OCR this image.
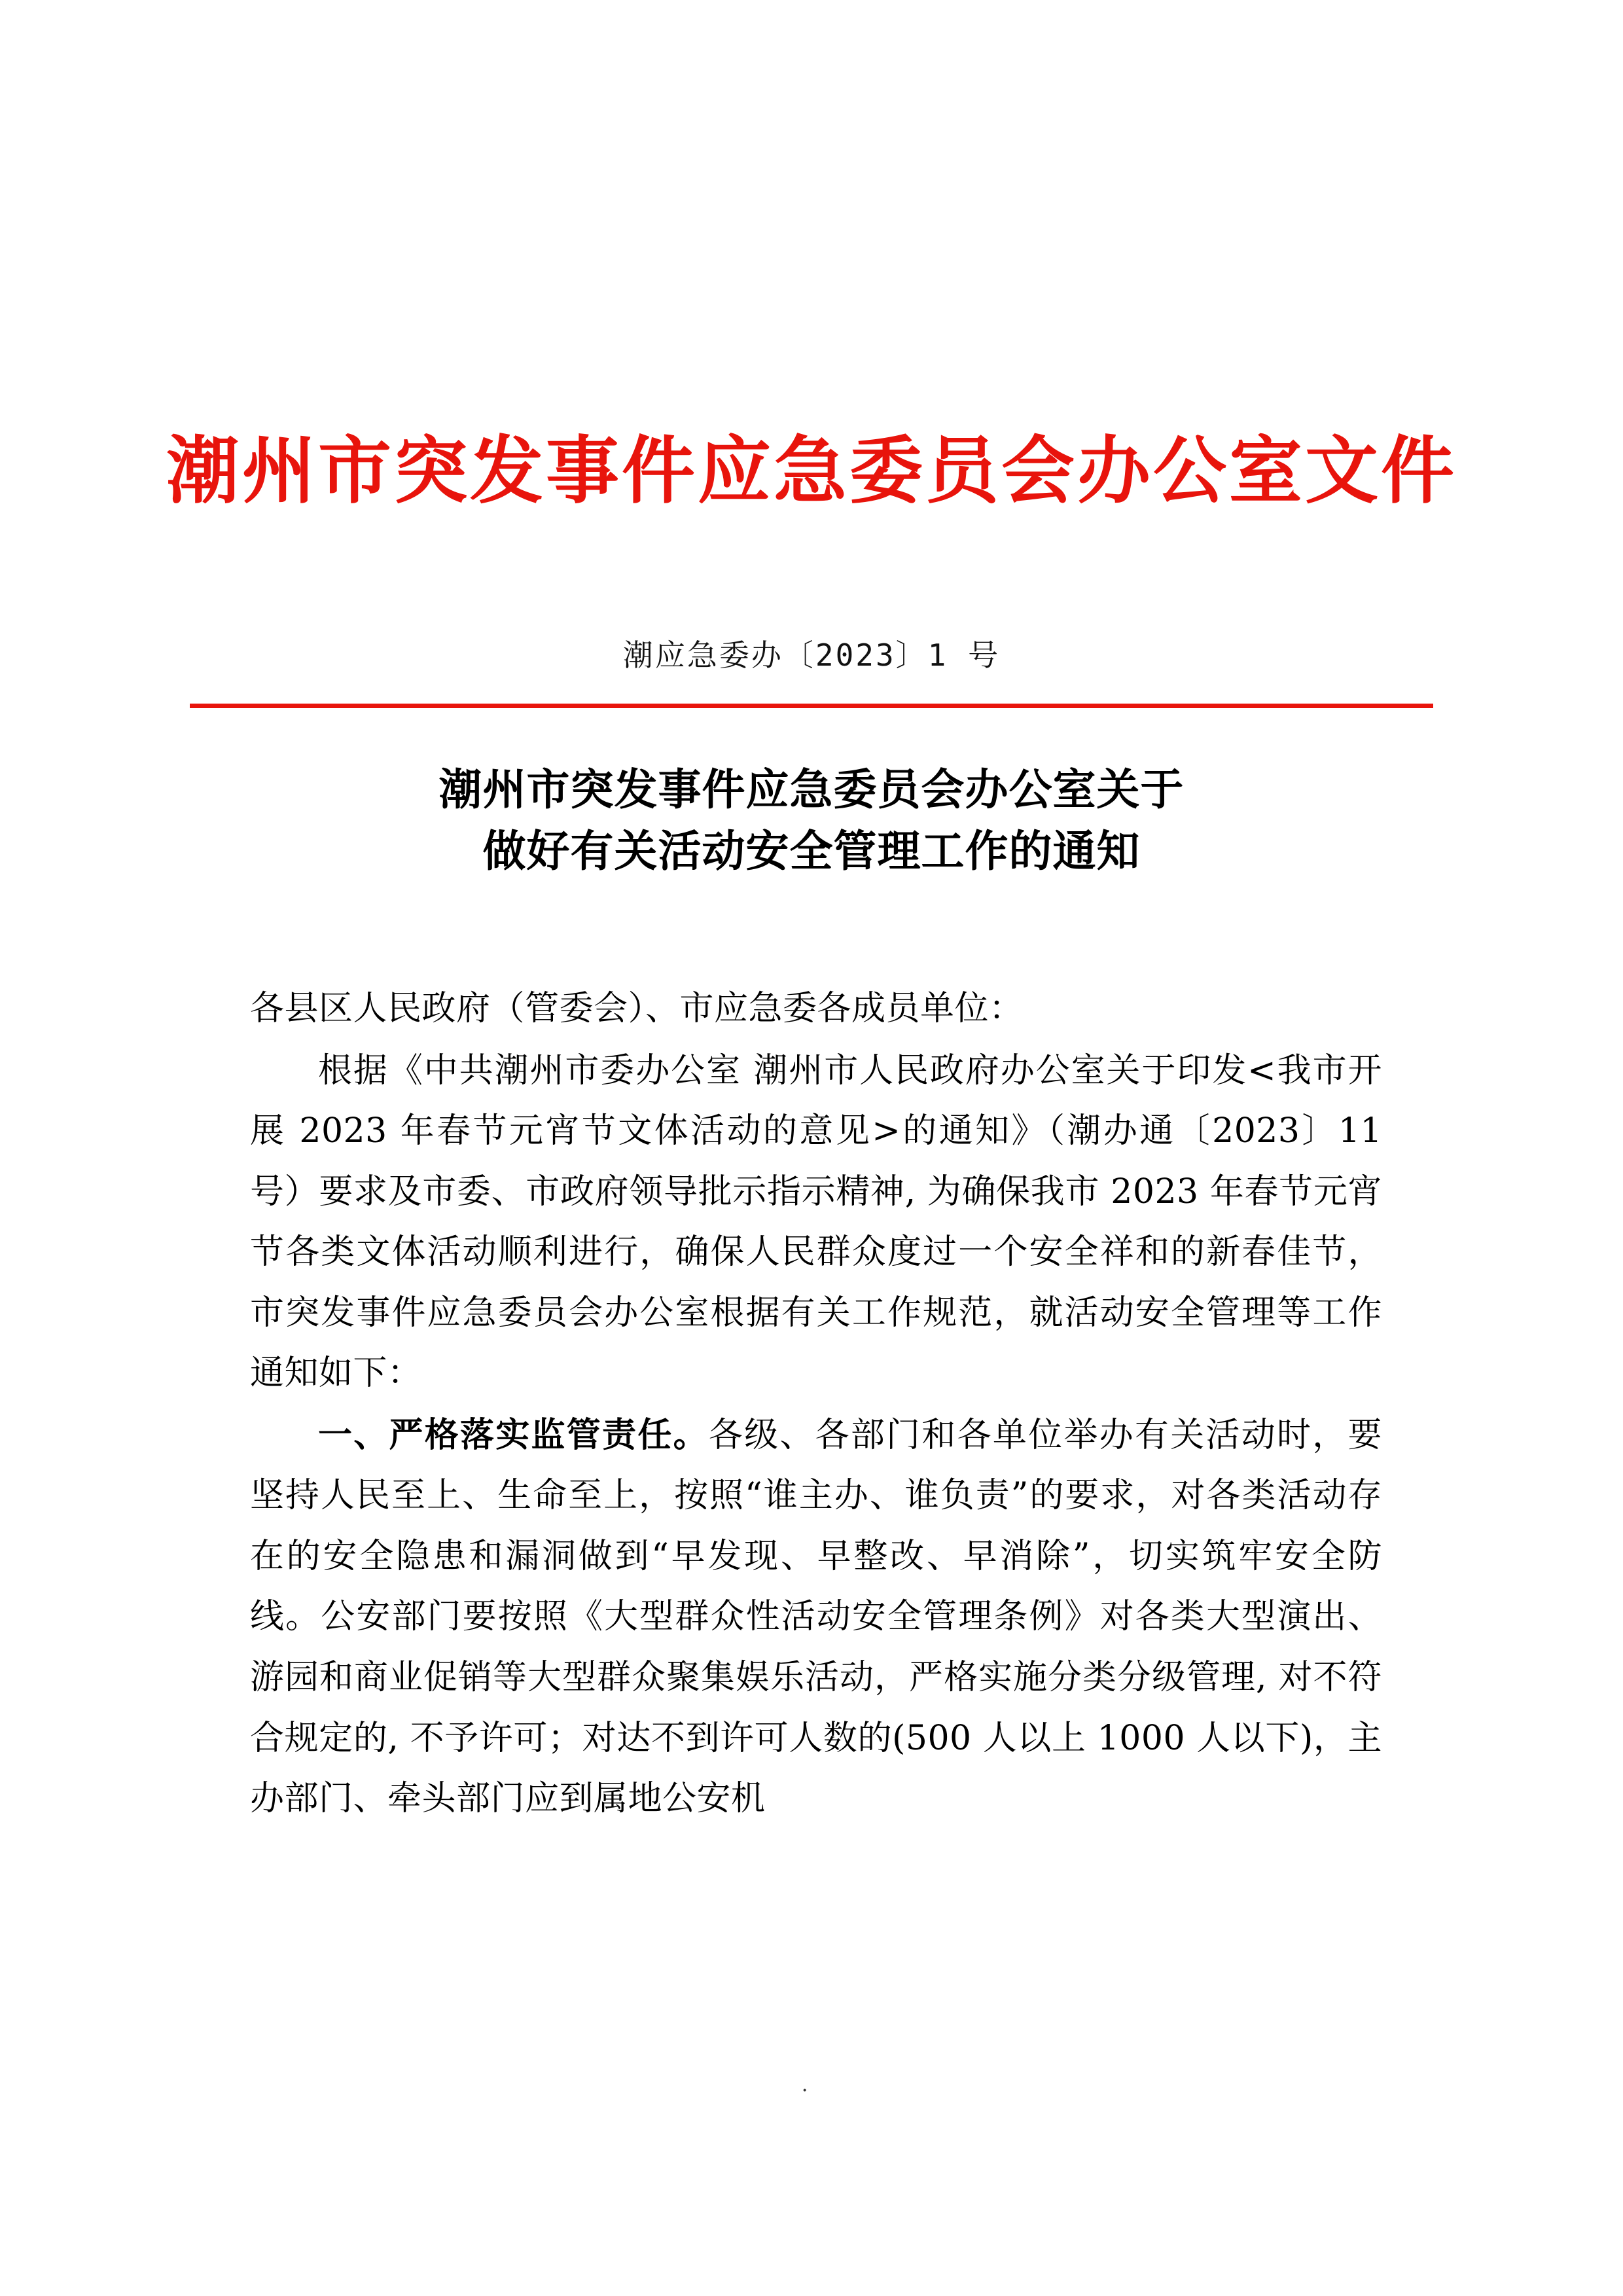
潮州市突发事件应急委员会办公室文件
潮应急委办〔2023〕1 号
潮州市突发事件应急委员会办公室关于
做好有关活动安全管理工作的通知

各县区人民政府（管委会）、市应急委各成员单位：

根据《中共潮州市委办公室 潮州市人民政府办公室关于印发<我市开展 2023 年春节元宵节文体活动的意见>的通知》（潮办通〔2023〕11 号）要求及市委、市政府领导批示指示精神, 为确保我市 2023 年春节元宵节各类文体活动顺利进行，确保人民群众度过一个安全祥和的新春佳节，市突发事件应急委员会办公室根据有关工作规范，就活动安全管理等工作通知如下：

一、严格落实监管责任。各级、各部门和各单位举办有关活动时，要坚持人民至上、生命至上，按照“谁主办、谁负责”的要求，对各类活动存在的安全隐患和漏洞做到“早发现、早整改、早消除”，切实筑牢安全防线。公安部门要按照《大型群众性活动安全管理条例》对各类大型演出、游园和商业促销等大型群众聚集娱乐活动，严格实施分类分级管理, 对不符合规定的, 不予许可；对达不到许可人数的(500 人以上 1000 人以下)，主办部门、牵头部门应到属地公安机

．
